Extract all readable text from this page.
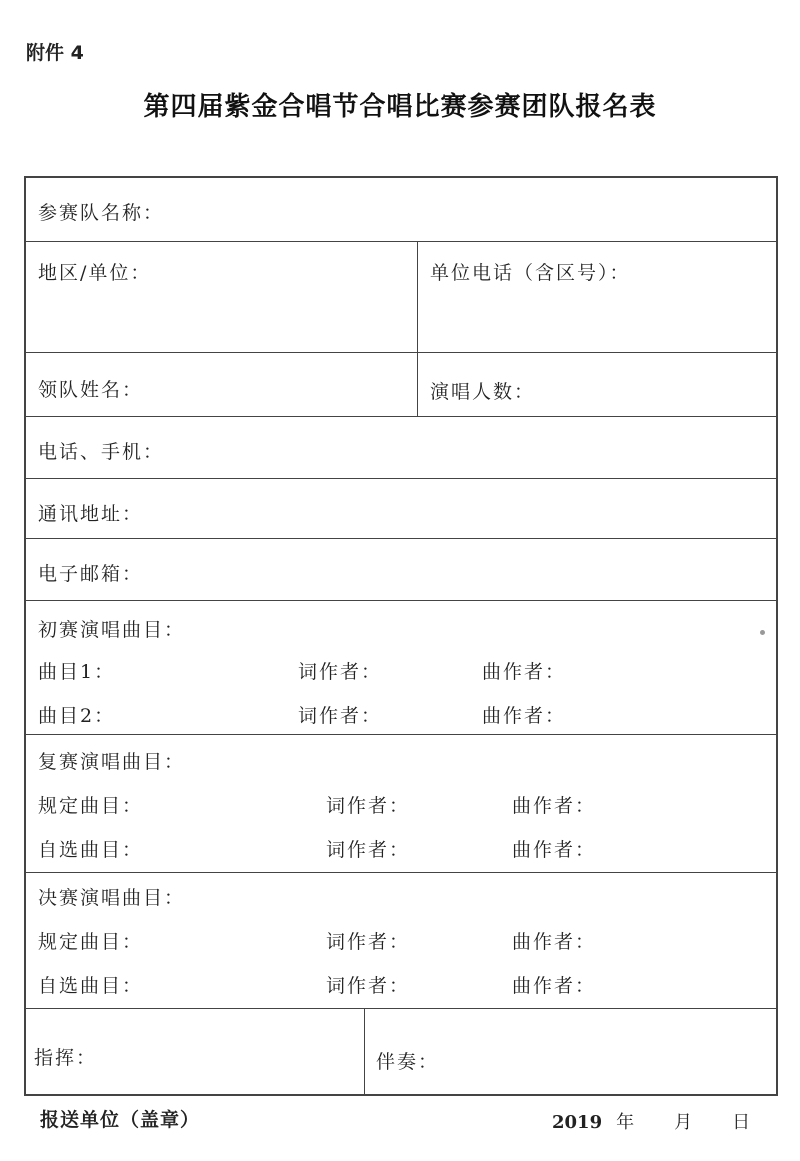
附件 4
第四届紫金合唱节合唱比赛参赛团队报名表
参赛队名称：
地区/单位：	单位电话（含区号）：
领队姓名：	演唱人数：
电话、手机：
通讯地址：
电子邮箱：
初赛演唱曲目：
曲目1：	词作者：	曲作者：
曲目2：	词作者：	曲作者：
复赛演唱曲目：
规定曲目：	词作者：	曲作者：
自选曲目：	词作者：	曲作者：
决赛演唱曲目：
规定曲目：	词作者：	曲作者：
自选曲目：	词作者：	曲作者：
指挥：	伴奏：
报送单位（盖章）	2019 年 月 日
